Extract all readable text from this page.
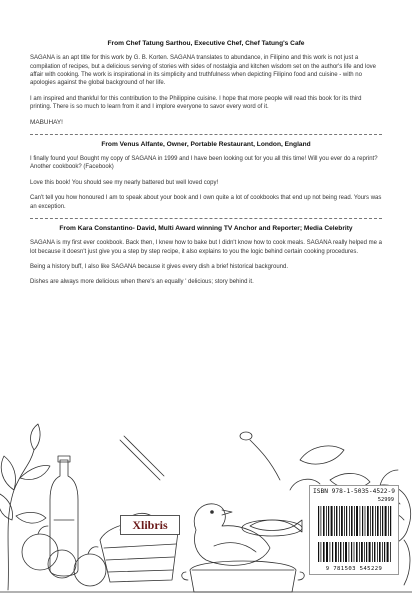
From Chef Tatung Sarthou, Executive Chef, Chef Tatung's Cafe

SAGANA is an apt title for this work by G. B. Korten. SAGANA translates to abundance, in Filipino and this work is not just a compilation of recipes, but a delicious serving of stories with sides of nostalgia and kitchen wisdom set on the author's life and love affair with cooking. The work is inspirational in its simplicity and truthfulness when depicting Filipino food and cuisine - with no apologies against the global background of her life.

I am inspired and thankful for this contribution to the Philippine cuisine. I hope that more people will read this book for its third printing. There is so much to learn from it and I implore everyone to savor every word of it.

MABUHAY!

From Venus Alfante, Owner, Portable Restaurant, London, England

I finally found you! Bought my copy of SAGANA in 1999 and I have been looking out for you all this time! Will you ever do a reprint? Another cookbook? (Facebook)

Love this book! You should see my nearly battered but well loved copy!

Can't tell you how honoured I am to speak about your book and I own quite a lot of cookbooks that end up not being read. Yours was an exception.

From Kara Constantino- David, Multi Award winning TV Anchor and Reporter; Media Celebrity

SAGANA is my first ever cookbook. Back then, I knew how to bake but I didn't know how to cook meals. SAGANA really helped me a lot because it doesn't just give you a step by step recipe, it also explains to you the logic behind certain cooking procedures.

Being a history buff, I also like SAGANA because it gives every dish a brief historical background.

Dishes are always more delicious when there's an equally ' delicious; story behind it.

Xlibris
ISBN 978-1-5035-4522-9
52999
9 781503 545229
